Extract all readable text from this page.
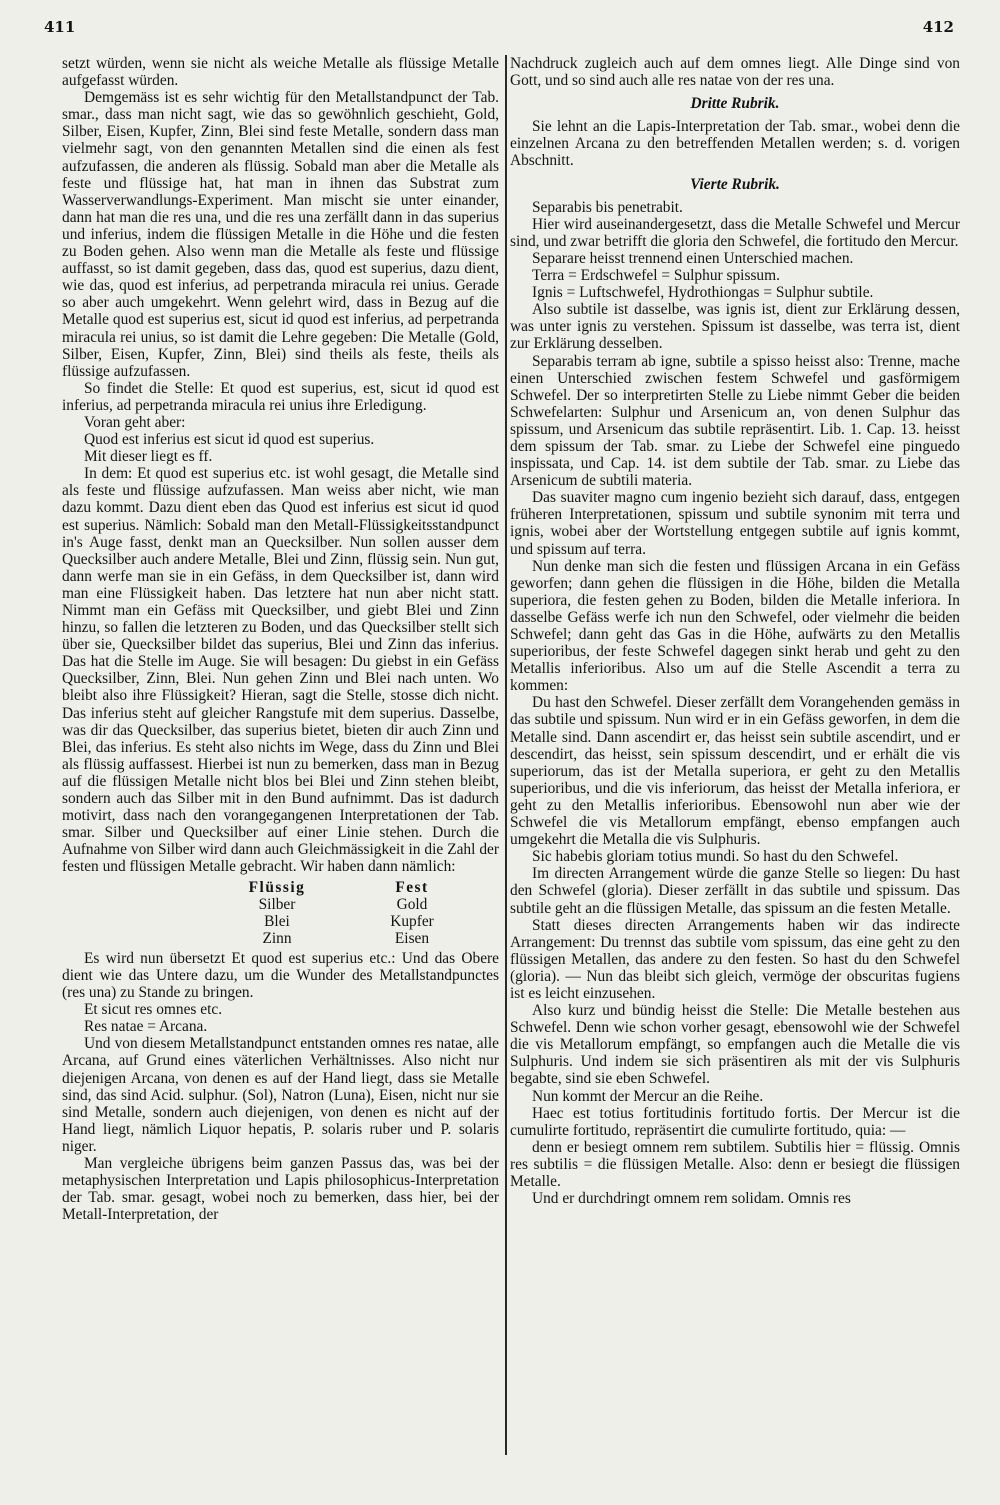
411	412

setzt würden, wenn sie nicht als weiche Metalle als flüssige Metalle aufgefasst würden.

Demgemäss ist es sehr wichtig für den Metallstandpunct der Tab. smar., dass man nicht sagt, wie das so gewöhnlich geschieht, Gold, Silber, Eisen, Kupfer, Zinn, Blei sind feste Metalle, sondern dass man vielmehr sagt, von den genannten Metallen sind die einen als fest aufzufassen, die anderen als flüssig. Sobald man aber die Metalle als feste und flüssige hat, hat man in ihnen das Substrat zum Wasserverwandlungs-Experiment. Man mischt sie unter einander, dann hat man die res una, und die res una zerfällt dann in das superius und inferius, indem die flüssigen Metalle in die Höhe und die festen zu Boden gehen. Also wenn man die Metalle als feste und flüssige auffasst, so ist damit gegeben, dass das, quod est superius, dazu dient, wie das, quod est inferius, ad perpetranda miracula rei unius. Gerade so aber auch umgekehrt. Wenn gelehrt wird, dass in Bezug auf die Metalle quod est superius est, sicut id quod est inferius, ad perpetranda miracula rei unius, so ist damit die Lehre gegeben: Die Metalle (Gold, Silber, Eisen, Kupfer, Zinn, Blei) sind theils als feste, theils als flüssige aufzufassen.

So findet die Stelle: Et quod est superius, est, sicut id quod est inferius, ad perpetranda miracula rei unius ihre Erledigung.

Voran geht aber:

Quod est inferius est sicut id quod est superius.

Mit dieser liegt es ff.

In dem: Et quod est superius etc. ist wohl gesagt, die Metalle sind als feste und flüssige aufzufassen. Man weiss aber nicht, wie man dazu kommt. Dazu dient eben das Quod est inferius est sicut id quod est superius. Nämlich: Sobald man den Metall-Flüssigkeitsstandpunct in's Auge fasst, denkt man an Quecksilber. Nun sollen ausser dem Quecksilber auch andere Metalle, Blei und Zinn, flüssig sein. Nun gut, dann werfe man sie in ein Gefäss, in dem Quecksilber ist, dann wird man eine Flüssigkeit haben. Das letztere hat nun aber nicht statt. Nimmt man ein Gefäss mit Quecksilber, und giebt Blei und Zinn hinzu, so fallen die letzteren zu Boden, und das Quecksilber stellt sich über sie, Quecksilber bildet das superius, Blei und Zinn das inferius. Das hat die Stelle im Auge. Sie will besagen: Du giebst in ein Gefäss Quecksilber, Zinn, Blei. Nun gehen Zinn und Blei nach unten. Wo bleibt also ihre Flüssigkeit? Hieran, sagt die Stelle, stosse dich nicht. Das inferius steht auf gleicher Rangstufe mit dem superius. Dasselbe, was dir das Quecksilber, das superius bietet, bieten dir auch Zinn und Blei, das inferius. Es steht also nichts im Wege, dass du Zinn und Blei als flüssig auffassest. Hierbei ist nun zu bemerken, dass man in Bezug auf die flüssigen Metalle nicht blos bei Blei und Zinn stehen bleibt, sondern auch das Silber mit in den Bund aufnimmt. Das ist dadurch motivirt, dass nach den vorangegangenen Interpretationen der Tab. smar. Silber und Quecksilber auf einer Linie stehen. Durch die Aufnahme von Silber wird dann auch Gleichmässigkeit in die Zahl der festen und flüssigen Metalle gebracht. Wir haben dann nämlich:

Flüssig	Fest
Silber	Gold
Blei	Kupfer
Zinn	Eisen

Es wird nun übersetzt Et quod est superius etc.: Und das Obere dient wie das Untere dazu, um die Wunder des Metallstandpunctes (res una) zu Stande zu bringen.

Et sicut res omnes etc.

Res natae = Arcana.

Und von diesem Metallstandpunct entstanden omnes res natae, alle Arcana, auf Grund eines väterlichen Verhältnisses. Also nicht nur diejenigen Arcana, von denen es auf der Hand liegt, dass sie Metalle sind, das sind Acid. sulphur. (Sol), Natron (Luna), Eisen, nicht nur sie sind Metalle, sondern auch diejenigen, von denen es nicht auf der Hand liegt, nämlich Liquor hepatis, P. solaris ruber und P. solaris niger.

Man vergleiche übrigens beim ganzen Passus das, was bei der metaphysischen Interpretation und Lapis philosophicus-Interpretation der Tab. smar. gesagt, wobei noch zu bemerken, dass hier, bei der Metall-Interpretation, der

Nachdruck zugleich auch auf dem omnes liegt. Alle Dinge sind von Gott, und so sind auch alle res natae von der res una.

Dritte Rubrik.

Sie lehnt an die Lapis-Interpretation der Tab. smar., wobei denn die einzelnen Arcana zu den betreffenden Metallen werden; s. d. vorigen Abschnitt.

Vierte Rubrik.

Separabis bis penetrabit.

Hier wird auseinandergesetzt, dass die Metalle Schwefel und Mercur sind, und zwar betrifft die gloria den Schwefel, die fortitudo den Mercur.

Separare heisst trennend einen Unterschied machen.

Terra = Erdschwefel = Sulphur spissum.

Ignis = Luftschwefel, Hydrothiongas = Sulphur subtile.

Also subtile ist dasselbe, was ignis ist, dient zur Erklärung dessen, was unter ignis zu verstehen. Spissum ist dasselbe, was terra ist, dient zur Erklärung desselben.

Separabis terram ab igne, subtile a spisso heisst also: Trenne, mache einen Unterschied zwischen festem Schwefel und gasförmigem Schwefel. Der so interpretirten Stelle zu Liebe nimmt Geber die beiden Schwefelarten: Sulphur und Arsenicum an, von denen Sulphur das spissum, und Arsenicum das subtile repräsentirt. Lib. 1. Cap. 13. heisst dem spissum der Tab. smar. zu Liebe der Schwefel eine pinguedo inspissata, und Cap. 14. ist dem subtile der Tab. smar. zu Liebe das Arsenicum de subtili materia.

Das suaviter magno cum ingenio bezieht sich darauf, dass, entgegen früheren Interpretationen, spissum und subtile synonim mit terra und ignis, wobei aber der Wortstellung entgegen subtile auf ignis kommt, und spissum auf terra.

Nun denke man sich die festen und flüssigen Arcana in ein Gefäss geworfen; dann gehen die flüssigen in die Höhe, bilden die Metalla superiora, die festen gehen zu Boden, bilden die Metalle inferiora. In dasselbe Gefäss werfe ich nun den Schwefel, oder vielmehr die beiden Schwefel; dann geht das Gas in die Höhe, aufwärts zu den Metallis superioribus, der feste Schwefel dagegen sinkt herab und geht zu den Metallis inferioribus. Also um auf die Stelle Ascendit a terra zu kommen:

Du hast den Schwefel. Dieser zerfällt dem Vorangehenden gemäss in das subtile und spissum. Nun wird er in ein Gefäss geworfen, in dem die Metalle sind. Dann ascendirt er, das heisst sein subtile ascendirt, und er descendirt, das heisst, sein spissum descendirt, und er erhält die vis superiorum, das ist der Metalla superiora, er geht zu den Metallis superioribus, und die vis inferiorum, das heisst der Metalla inferiora, er geht zu den Metallis inferioribus. Ebensowohl nun aber wie der Schwefel die vis Metallorum empfängt, ebenso empfangen auch umgekehrt die Metalla die vis Sulphuris.

Sic habebis gloriam totius mundi. So hast du den Schwefel.

Im directen Arrangement würde die ganze Stelle so liegen: Du hast den Schwefel (gloria). Dieser zerfällt in das subtile und spissum. Das subtile geht an die flüssigen Metalle, das spissum an die festen Metalle.

Statt dieses directen Arrangements haben wir das indirecte Arrangement: Du trennst das subtile vom spissum, das eine geht zu den flüssigen Metallen, das andere zu den festen. So hast du den Schwefel (gloria). — Nun das bleibt sich gleich, vermöge der obscuritas fugiens ist es leicht einzusehen.

Also kurz und bündig heisst die Stelle: Die Metalle bestehen aus Schwefel. Denn wie schon vorher gesagt, ebensowohl wie der Schwefel die vis Metallorum empfängt, so empfangen auch die Metalle die vis Sulphuris. Und indem sie sich präsentiren als mit der vis Sulphuris begabte, sind sie eben Schwefel.

Nun kommt der Mercur an die Reihe.

Haec est totius fortitudinis fortitudo fortis. Der Mercur ist die cumulirte fortitudo, repräsentirt die cumulirte fortitudo, quia: —

denn er besiegt omnem rem subtilem. Subtilis hier = flüssig. Omnis res subtilis = die flüssigen Metalle. Also: denn er besiegt die flüssigen Metalle.

Und er durchdringt omnem rem solidam. Omnis res
